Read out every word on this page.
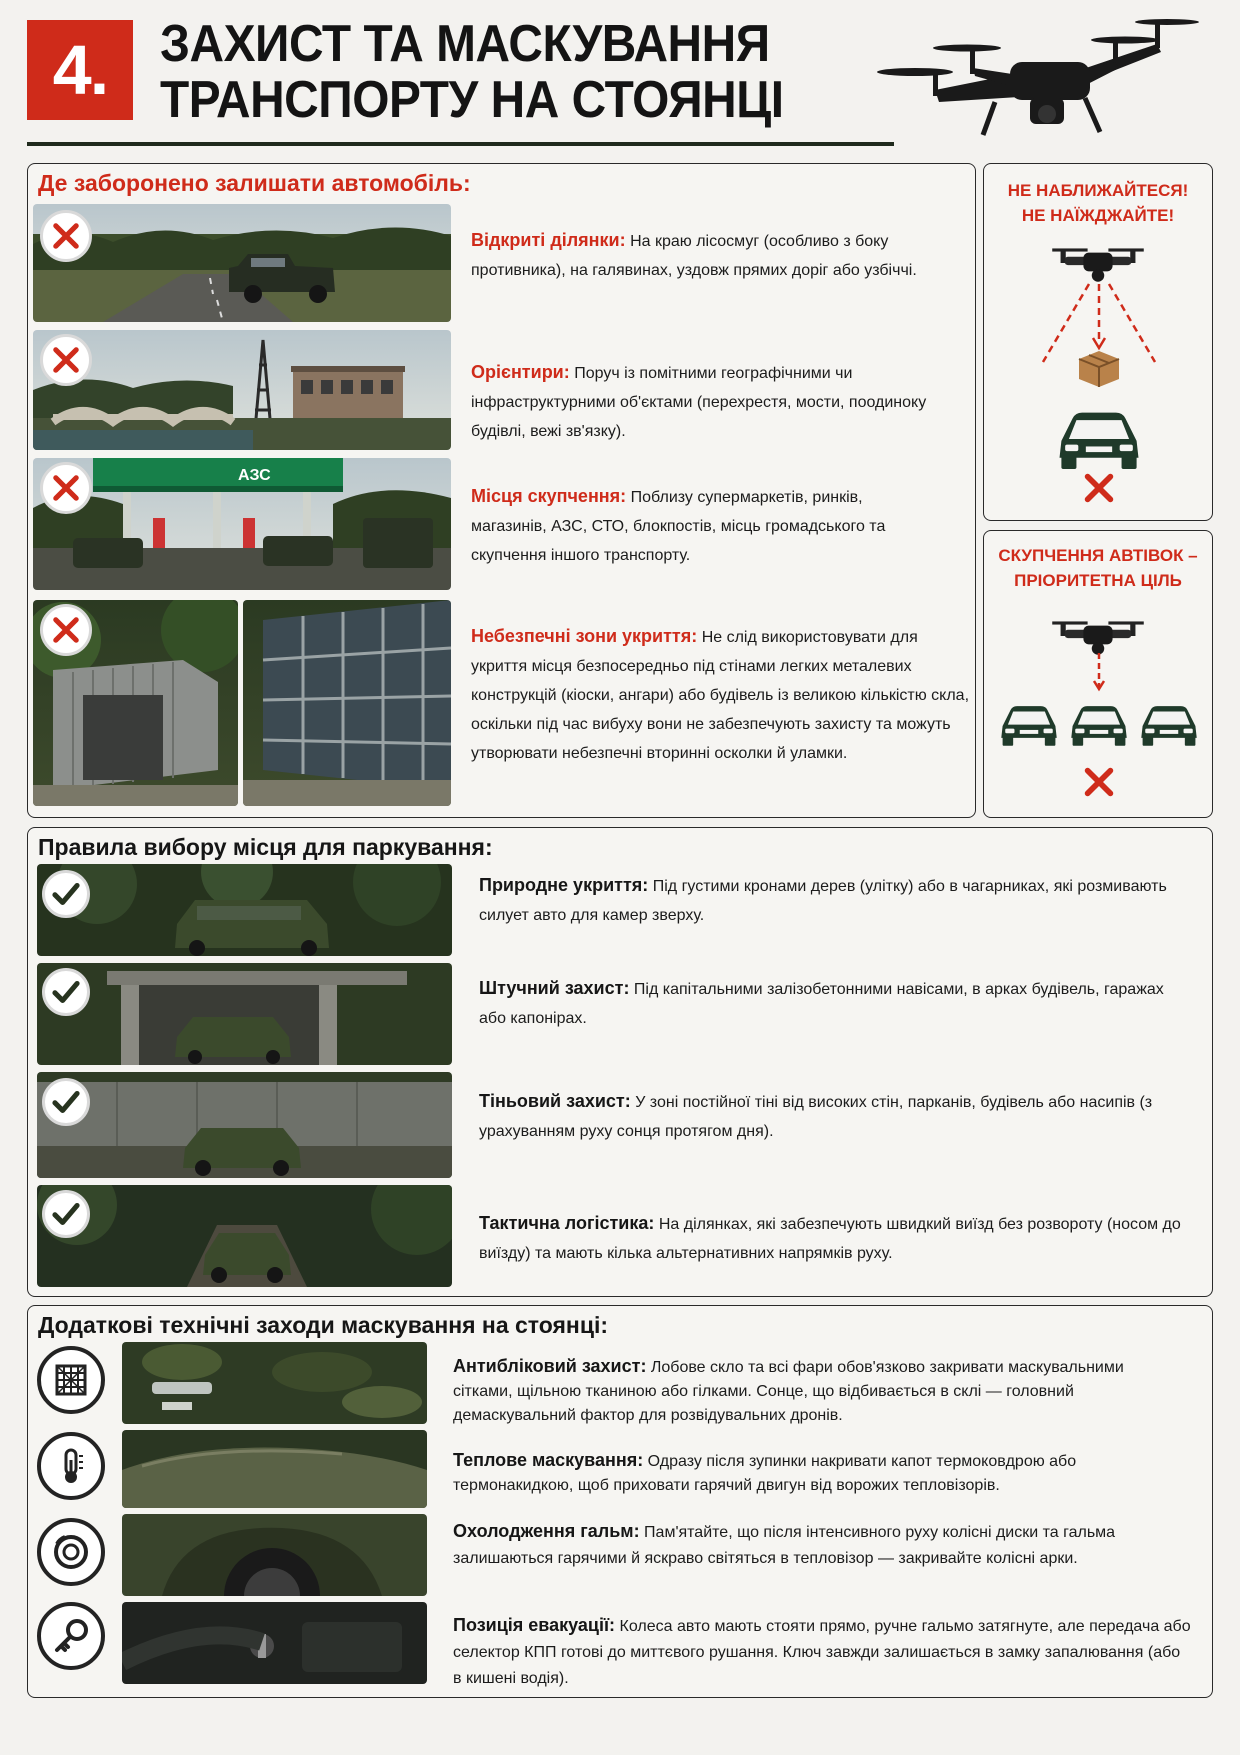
4.	ЗАХИСТ ТА МАСКУВАННЯ
ТРАНСПОРТУ НА СТОЯНЦІ
Де заборонено залишати автомобіль:
Відкриті ділянки: На краю лісосмуг (особливо з боку противника), на галявинах, уздовж прямих доріг або узбіччі.
Орієнтири: Поруч із помітними географічними чи інфраструктурними об'єктами (перехрестя, мости, поодиноку будівлі, вежі зв'язку).
АЗС
Місця скупчення: Поблизу супермаркетів, ринків, магазинів, АЗС, СТО, блокпостів, місць громадського та скупчення іншого транспорту.
Небезпечні зони укриття: Не слід використовувати для укриття місця безпосередньо під стінами легких металевих конструкцій (кіоски, ангари) або будівель із великою кількістю скла, оскільки під час вибуху вони не забезпечують захисту та можуть утворювати небезпечні вторинні осколки й уламки.
НЕ НАБЛИЖАЙТЕСЯ!
НЕ НАЇЖДЖАЙТЕ!
СКУПЧЕННЯ АВТІВОК –
ПРІОРИТЕТНА ЦІЛЬ
Правила вибору місця для паркування:
Природне укриття: Під густими кронами дерев (улітку) або в чагарниках, які розмивають силует авто для камер зверху.
Штучний захист: Під капітальними залізобетонними навісами, в арках будівель, гаражах або капонірах.
Тіньовий захист: У зоні постійної тіні від високих стін, парканів, будівель або насипів (з урахуванням руху сонця протягом дня).
Тактична логістика: На ділянках, які забезпечують швидкий виїзд без розвороту (носом до виїзду) та мають кілька альтернативних напрямків руху.
Додаткові технічні заходи маскування на стоянці:
Антибліковий захист: Лобове скло та всі фари обов'язково закривати маскувальними сітками, щільною тканиною або гілками. Сонце, що відбивається в склі — головний демаскувальний фактор для розвідувальних дронів.
Теплове маскування: Одразу після зупинки накривати капот термоковдрою або термонакидкою, щоб приховати гарячий двигун від ворожих тепловізорів.
Охолодження гальм: Пам'ятайте, що після інтенсивного руху колісні диски та гальма залишаються гарячими й яскраво світяться в тепловізор — закривайте колісні арки.
Позиція евакуації: Колеса авто мають стояти прямо, ручне гальмо затягнуте, але передача або селектор КПП готові до миттєвого рушання. Ключ завжди залишається в замку запалювання (або в кишені водія).
